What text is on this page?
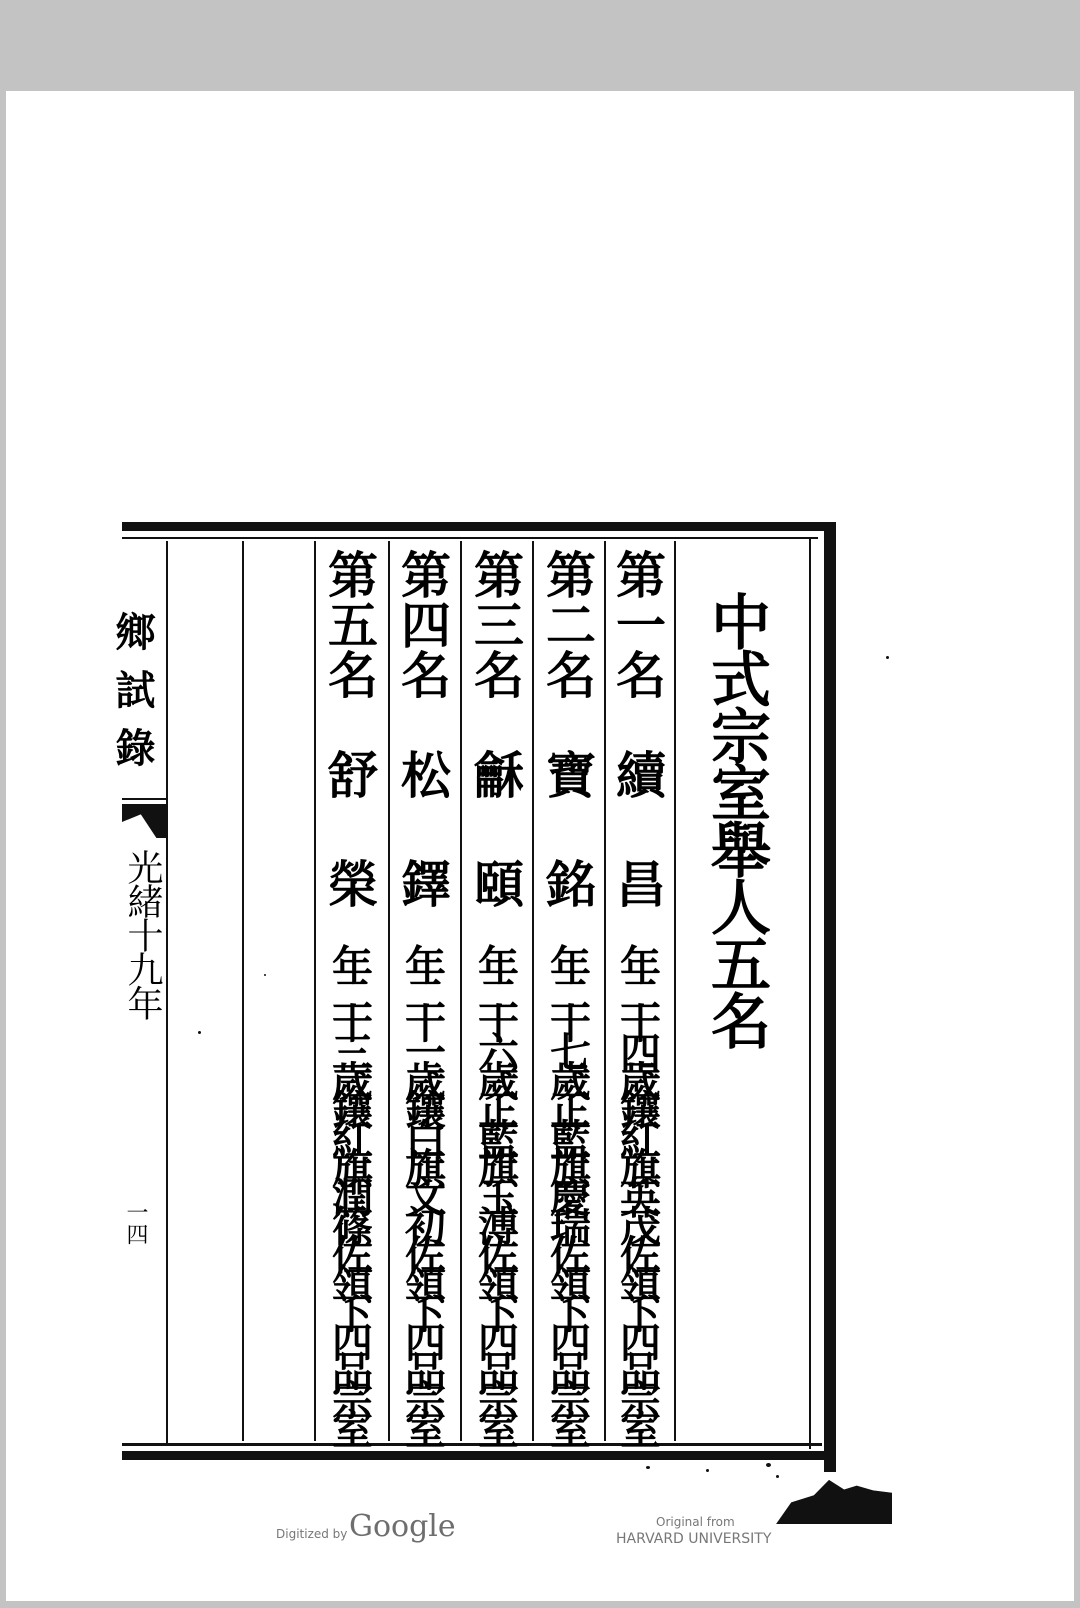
中式宗室舉人五名
第一名
續 昌
年二十四歲鑲紅旗英茂佐領下四品宗室
第二名
寶 銘
年二十七歲正藍旗慶瑞佐領下四品宗室
第三名
龢 頤
年二十六歲正藍旗玉溥佐領下四品宗室
第四名
松 鐸
年二十一歲鑲白旗文初佐領下四品宗室
第五名
舒 榮
年二十三歲鑲紅旗潤篠佐領下四品宗室
鄉試錄
光緒十九年
一四
Digitized by Google	Original from
HARVARD UNIVERSITY
